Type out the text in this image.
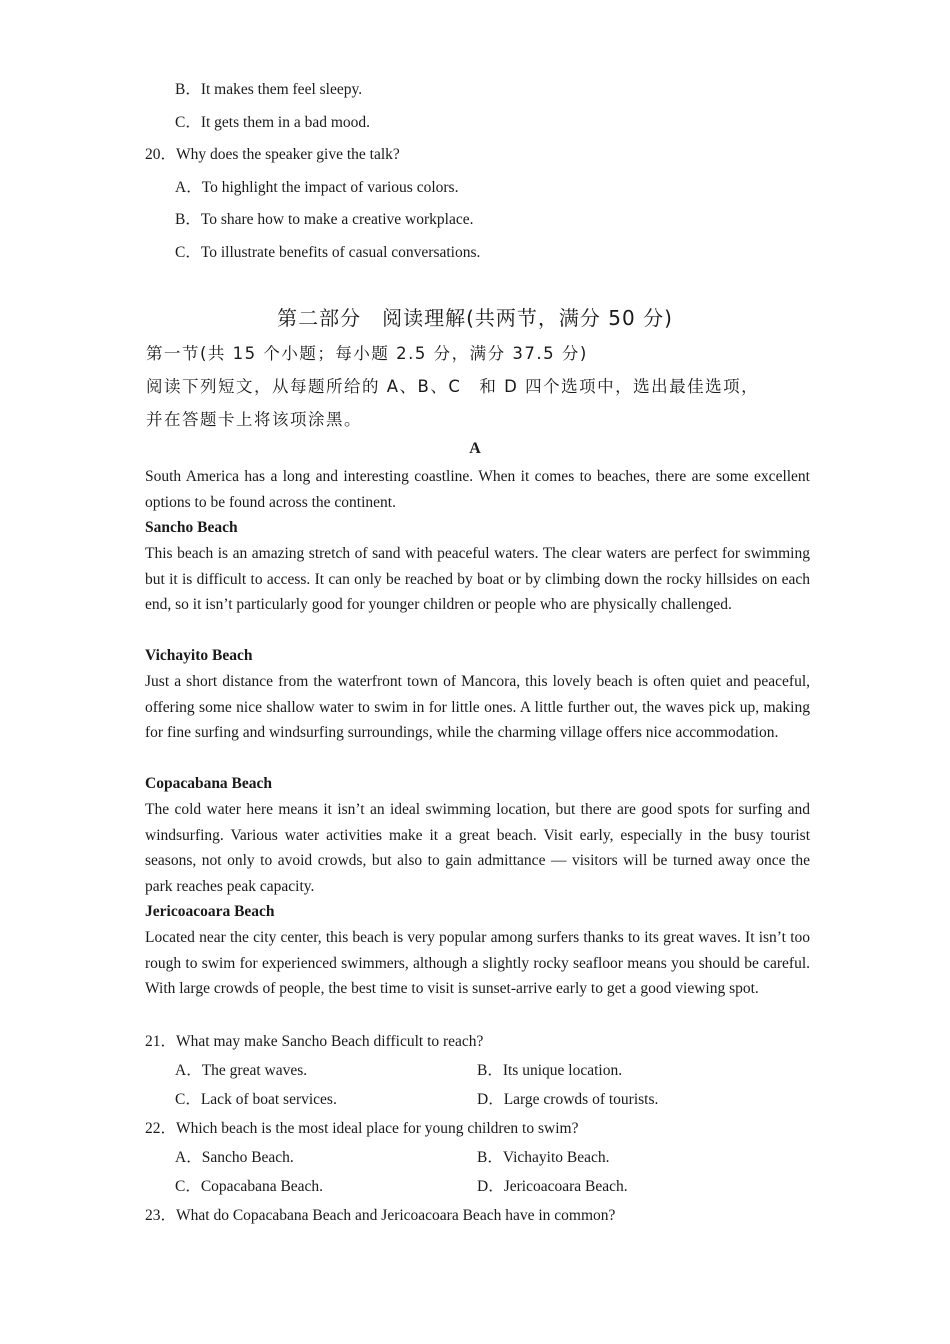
B．It makes them feel sleepy.
C．It gets them in a bad mood.
20．Why does the speaker give the talk?
A．To highlight the impact of various colors.
B．To share how to make a creative workplace.
C．To illustrate benefits of casual conversations.
第二部分　阅读理解(共两节，满分 50 分)
第一节(共 15 个小题；每小题 2.5 分，满分 37.5 分)
阅读下列短文，从每题所给的 A、B、C　和 D 四个选项中，选出最佳选项，
并在答题卡上将该项涂黑。
A
South America has a long and interesting coastline. When it comes to beaches, there are some excellent options to be found across the continent.
Sancho Beach
This beach is an amazing stretch of sand with peaceful waters. The clear waters are perfect for swimming but it is difficult to access. It can only be reached by boat or by climbing down the rocky hillsides on each end, so it isn’t particularly good for younger children or people who are physically challenged.
Vichayito Beach
Just a short distance from the waterfront town of Mancora, this lovely beach is often quiet and peaceful, offering some nice shallow water to swim in for little ones. A little further out, the waves pick up, making for fine surfing and windsurfing surroundings, while the charming village offers nice accommodation.
Copacabana Beach
The cold water here means it isn’t an ideal swimming location, but there are good spots for surfing and windsurfing. Various water activities make it a great beach. Visit early, especially in the busy tourist seasons, not only to avoid crowds, but also to gain admittance — visitors will be turned away once the park reaches peak capacity.
Jericoacoara Beach
Located near the city center, this beach is very popular among surfers thanks to its great waves. It isn’t too rough to swim for experienced swimmers, although a slightly rocky seafloor means you should be careful. With large crowds of people, the best time to visit is sunset-arrive early to get a good viewing spot.
21．What may make Sancho Beach difficult to reach?
A．The great waves.	B．Its unique location.
C．Lack of boat services.	D．Large crowds of tourists.
22．Which beach is the most ideal place for young children to swim?
A．Sancho Beach.	B．Vichayito Beach.
C．Copacabana Beach.	D．Jericoacoara Beach.
23．What do Copacabana Beach and Jericoacoara Beach have in common?
